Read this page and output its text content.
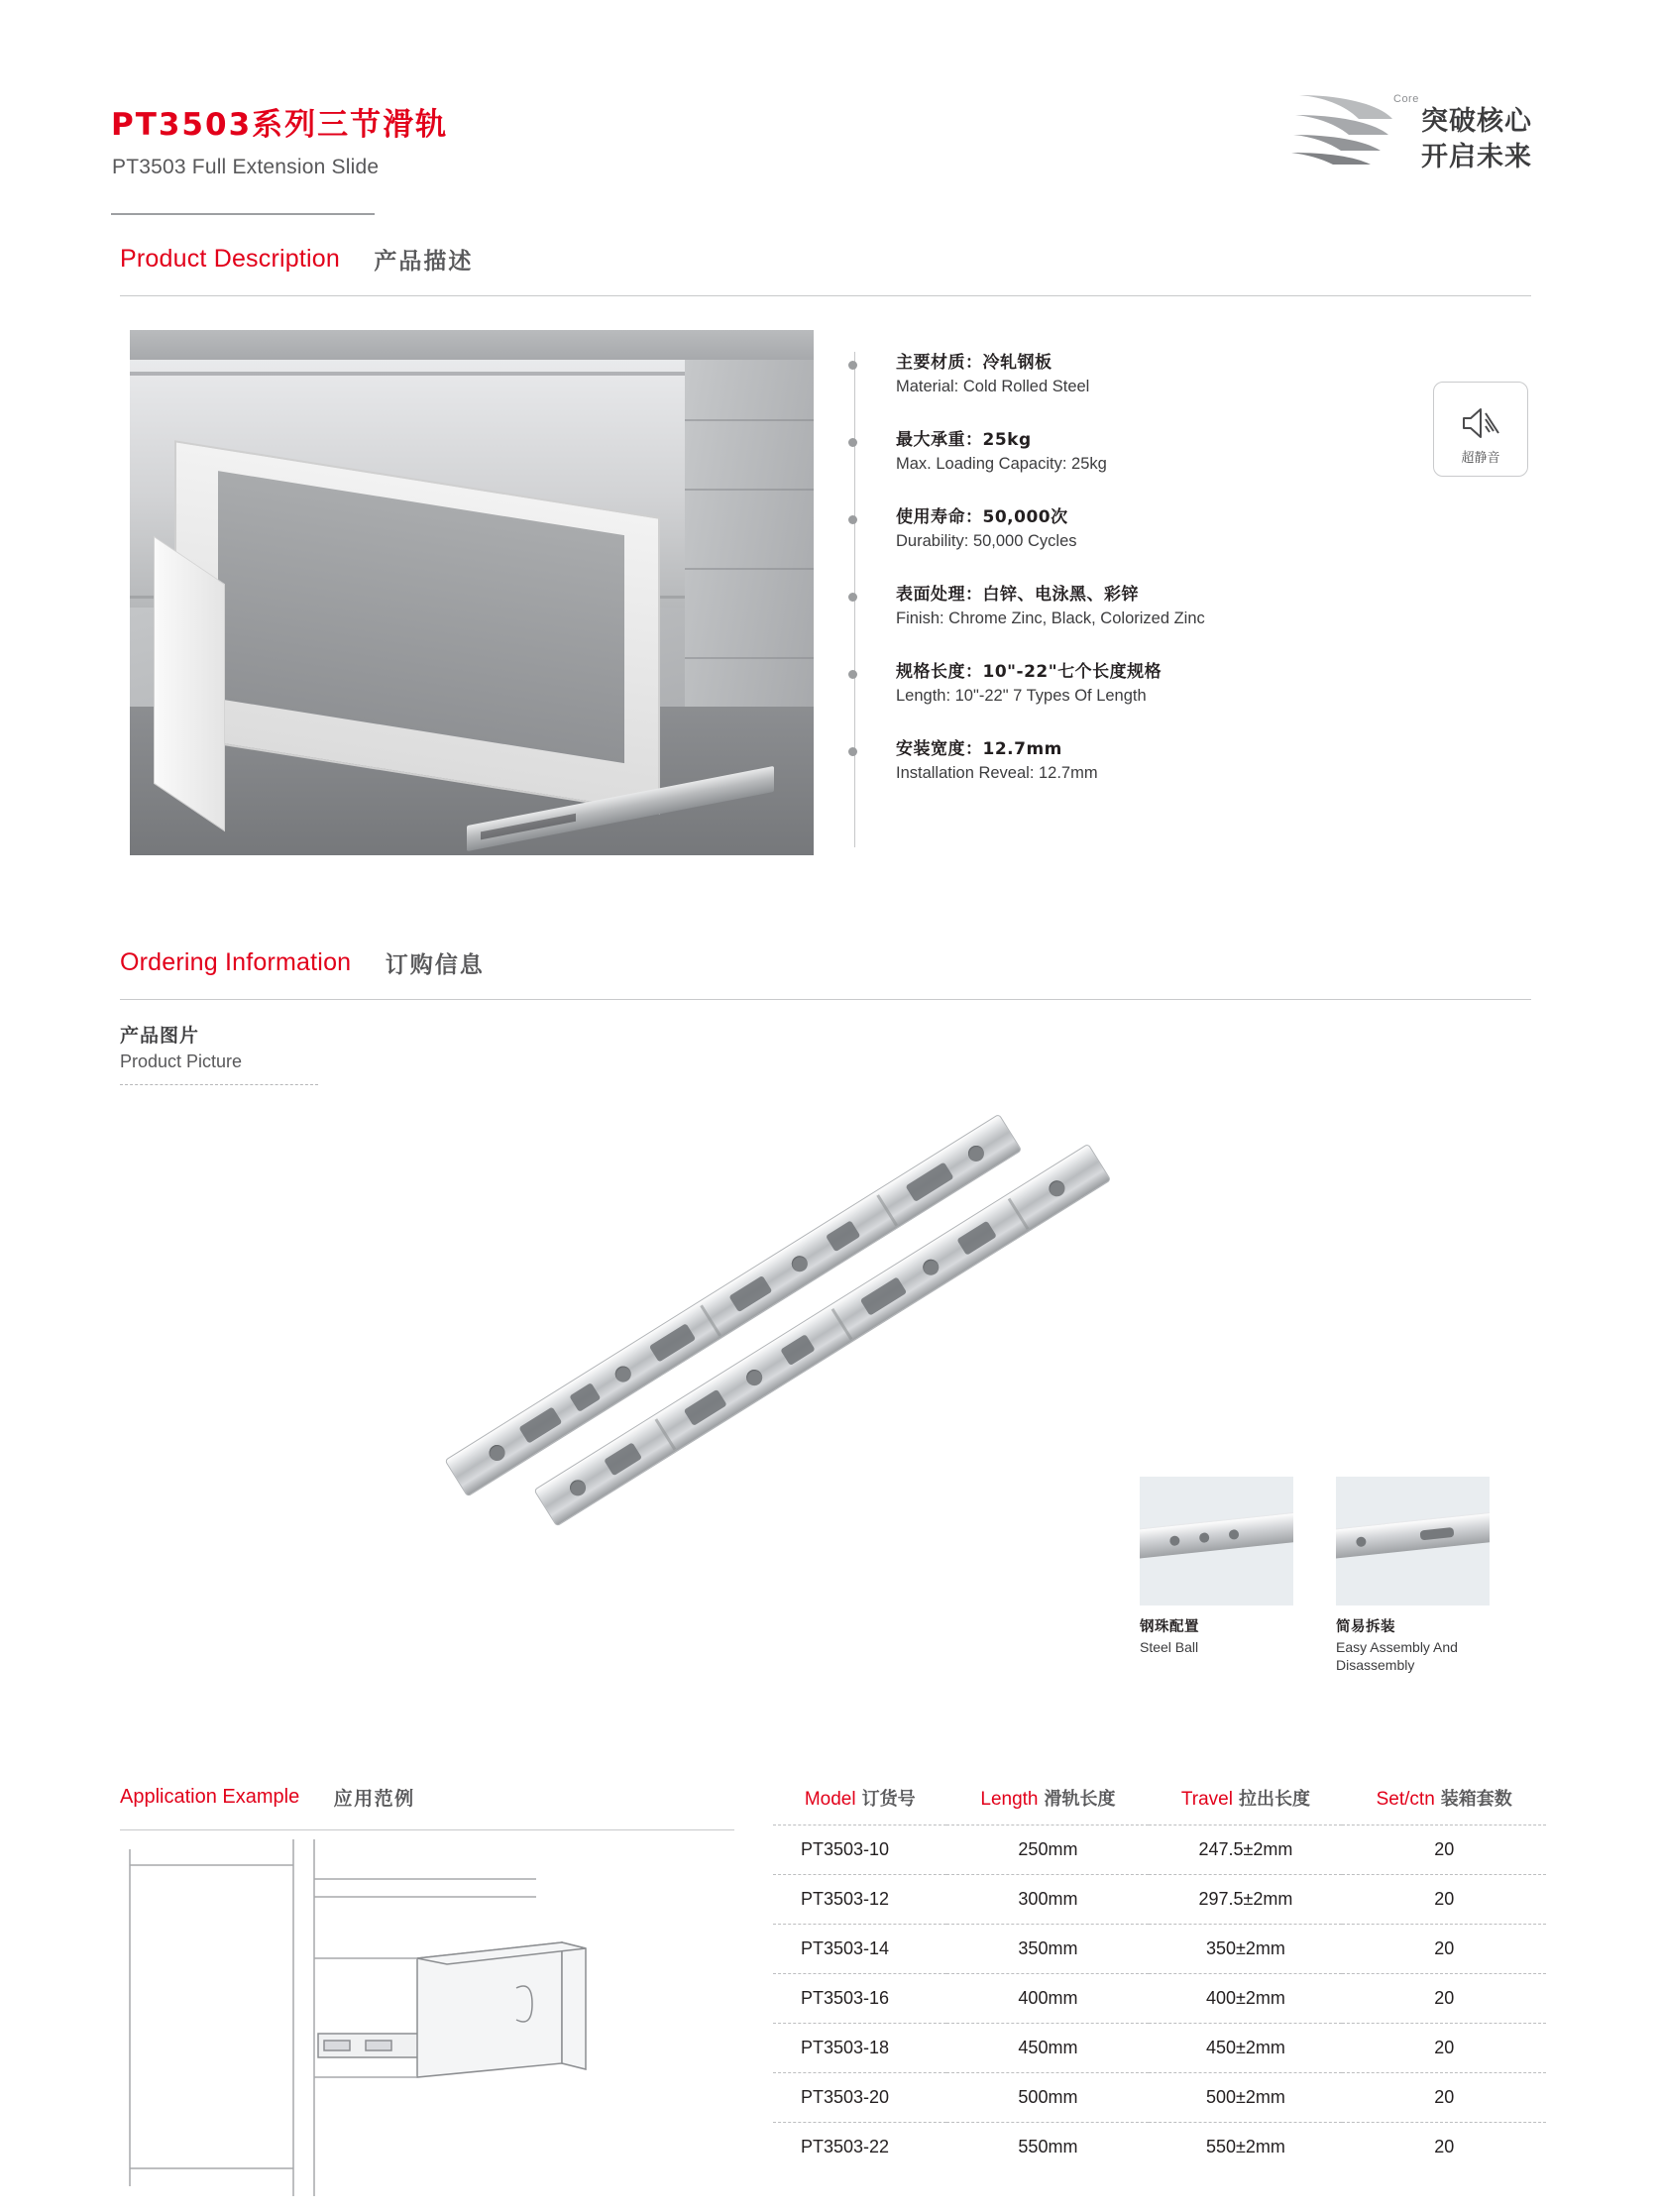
PT3503系列三节滑轨
PT3503 Full Extension Slide
Core
突破核心
开启未来
Product Description 产品描述
主要材质：冷轧钢板
Material: Cold Rolled Steel
最大承重：25kg
Max. Loading Capacity: 25kg
使用寿命：50,000次
Durability: 50,000 Cycles
表面处理：白锌、电泳黑、彩锌
Finish: Chrome Zinc, Black, Colorized Zinc
规格长度：10"-22"七个长度规格
Length: 10"-22" 7 Types Of Length
安装宽度：12.7mm
Installation Reveal: 12.7mm
超静音
Ordering Information 订购信息
产品图片
Product Picture
钢珠配置
Steel Ball
简易拆装
Easy Assembly And Disassembly
Application Example 应用范例	Model 订货号	Length 滑轨长度	Travel 拉出长度	Set/ctn 装箱套数
PT3503-10	250mm	247.5±2mm	20
PT3503-12	300mm	297.5±2mm	20
PT3503-14	350mm	350±2mm	20
PT3503-16	400mm	400±2mm	20
PT3503-18	450mm	450±2mm	20
PT3503-20	500mm	500±2mm	20
PT3503-22	550mm	550±2mm	20
